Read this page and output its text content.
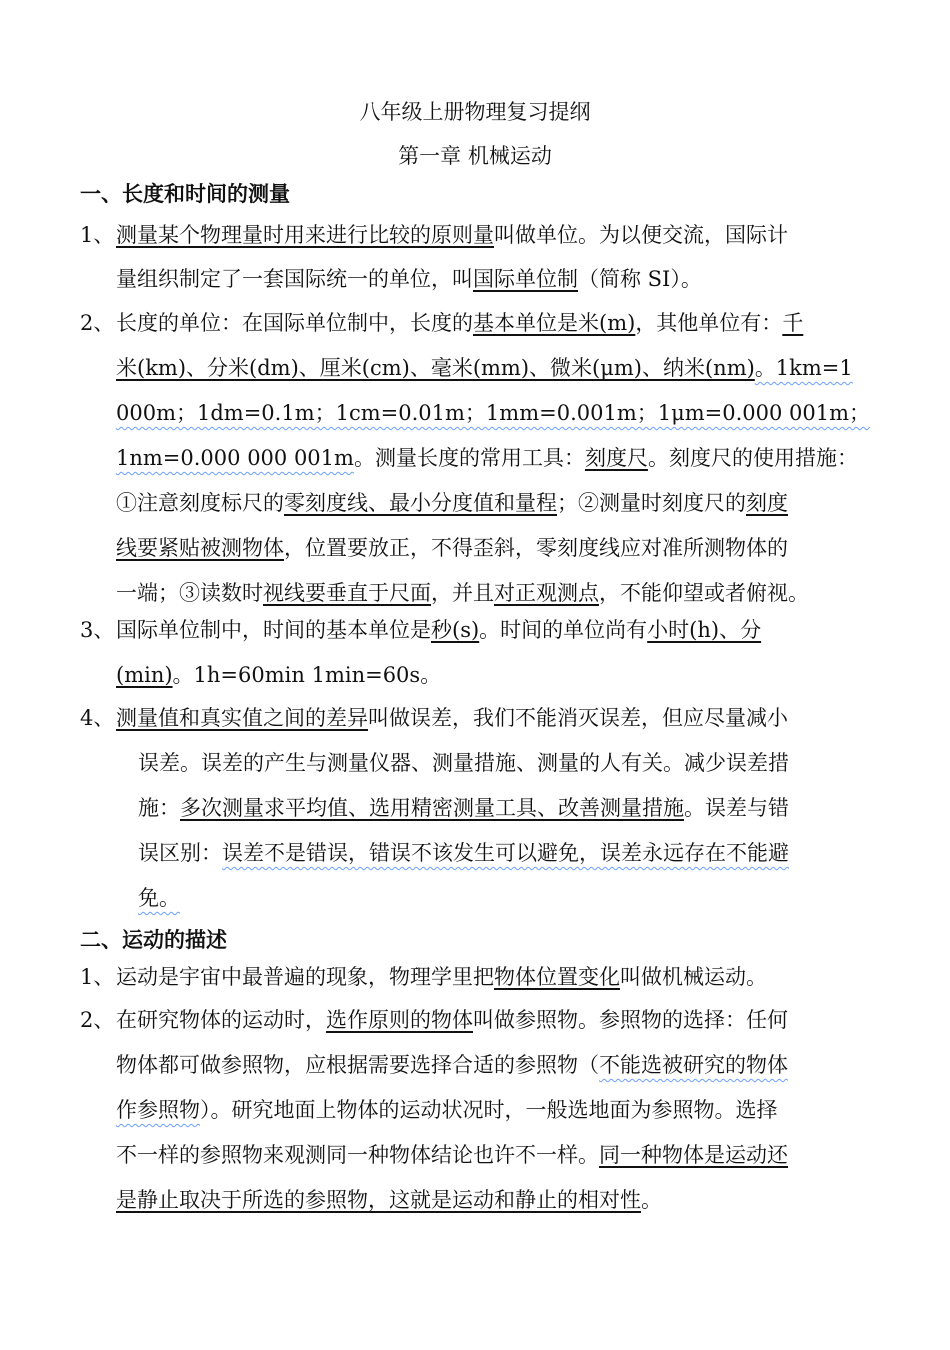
八年级上册物理复习提纲
第一章 机械运动
一、长度和时间的测量
1、 测量某个物理量时用来进行比较的原则量叫做单位。为以便交流，国际计
量组织制定了一套国际统一的单位，叫国际单位制（简称 SI）。
2、 长度的单位：在国际单位制中，长度的基本单位是米(m)，其他单位有：千
米(km)、分米(dm)、厘米(cm)、毫米(mm)、微米(μm)、纳米(nm)。1km=1
000m；1dm=0.1m；1cm=0.01m；1mm=0.001m；1μm=0.000 001m；
1nm=0.000 000 001m。测量长度的常用工具：刻度尺。刻度尺的使用措施：
①注意刻度标尺的零刻度线、最小分度值和量程；②测量时刻度尺的刻度
线要紧贴被测物体，位置要放正，不得歪斜，零刻度线应对准所测物体的
一端；③读数时视线要垂直于尺面，并且对正观测点，不能仰望或者俯视。
3、 国际单位制中，时间的基本单位是秒(s)。时间的单位尚有小时(h)、分
(min)。1h=60min 1min=60s。
4、 测量值和真实值之间的差异叫做误差，我们不能消灭误差，但应尽量减小
误差。误差的产生与测量仪器、测量措施、测量的人有关。减少误差措
施：多次测量求平均值、选用精密测量工具、改善测量措施。误差与错
误区别：误差不是错误，错误不该发生可以避免，误差永远存在不能避
免。
二、运动的描述
1、 运动是宇宙中最普遍的现象，物理学里把物体位置变化叫做机械运动。
2、 在研究物体的运动时，选作原则的物体叫做参照物。参照物的选择：任何
物体都可做参照物，应根据需要选择合适的参照物（不能选被研究的物体
作参照物）。研究地面上物体的运动状况时，一般选地面为参照物。选择
不一样的参照物来观测同一种物体结论也许不一样。同一种物体是运动还
是静止取决于所选的参照物，这就是运动和静止的相对性。
